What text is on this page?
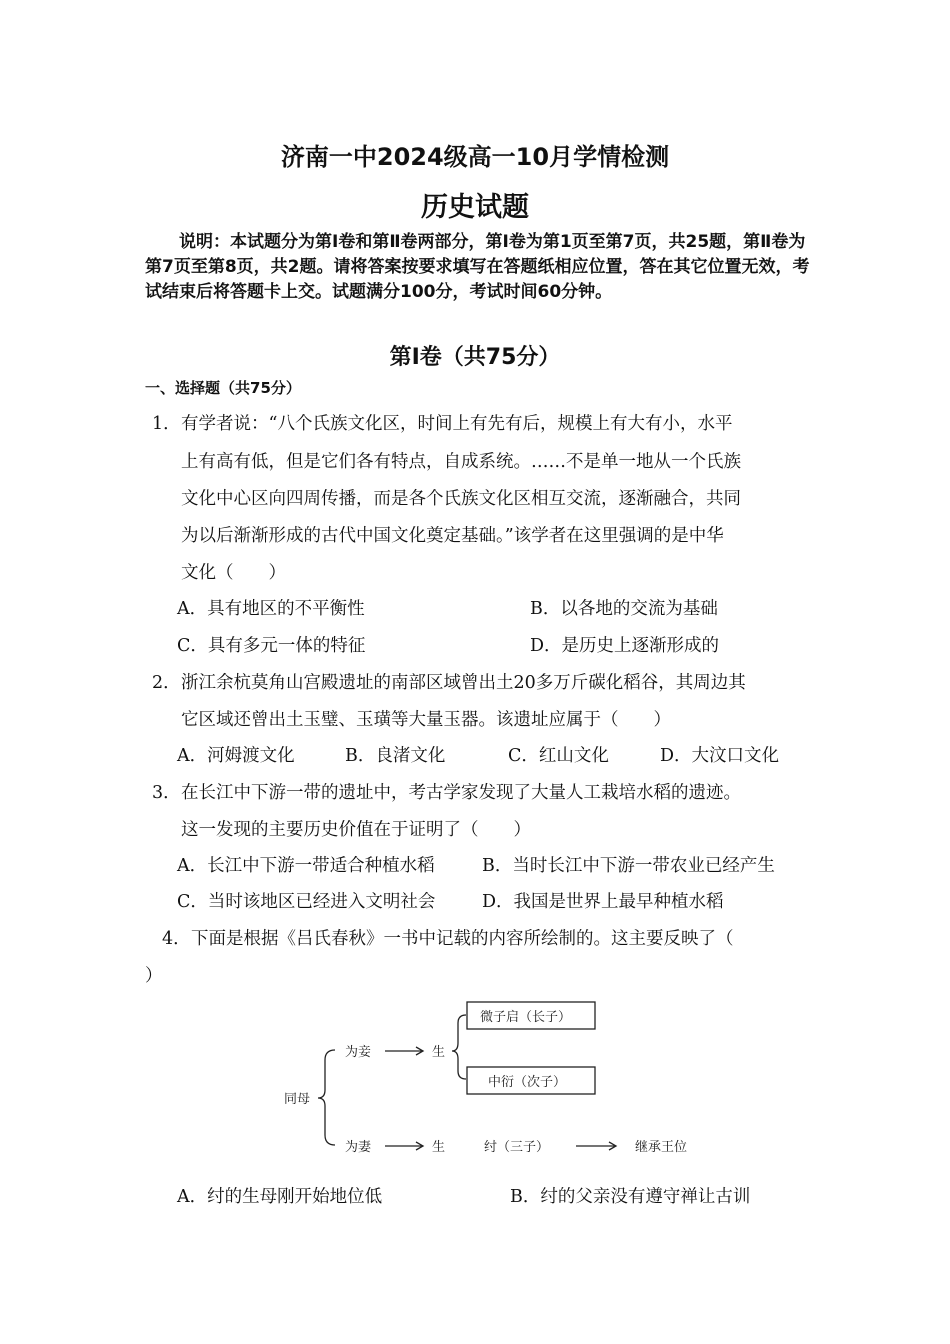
济南一中2024级高一10月学情检测
历史试题
说明：本试题分为第Ⅰ卷和第Ⅱ卷两部分，第Ⅰ卷为第1页至第7页，共25题，第Ⅱ卷为第7页至第8页，共2题。请将答案按要求填写在答题纸相应位置，答在其它位置无效，考试结束后将答题卡上交。试题满分100分，考试时间60分钟。
第Ⅰ卷（共75分）
一、选择题（共75分）
1． 有学者说：“八个氏族文化区，时间上有先有后，规模上有大有小，水平
上有高有低，但是它们各有特点，自成系统。……不是单一地从一个氏族
文化中心区向四周传播，而是各个氏族文化区相互交流，逐渐融合，共同
为以后渐渐形成的古代中国文化奠定基础。”该学者在这里强调的是中华
文化（　　）
A．具有地区的不平衡性	B．以各地的交流为基础
C．具有多元一体的特征	D．是历史上逐渐形成的
2． 浙江余杭莫角山宫殿遗址的南部区域曾出土20多万斤碳化稻谷，其周边其
它区域还曾出土玉璧、玉璜等大量玉器。该遗址应属于（　　）
A．河姆渡文化	B．良渚文化	C．红山文化	D．大汶口文化
3． 在长江中下游一带的遗址中，考古学家发现了大量人工栽培水稻的遗迹。
这一发现的主要历史价值在于证明了（　　）
A．长江中下游一带适合种植水稻	B．当时长江中下游一带农业已经产生
C．当时该地区已经进入文明社会	D．我国是世界上最早种植水稻
4． 下面是根据《吕氏春秋》一书中记载的内容所绘制的。这主要反映了（
）
同母
为妾	生
微子启（长子）
中衍（次子）
为妻	生	纣（三子）	继承王位
A．纣的生母刚开始地位低	B．纣的父亲没有遵守禅让古训
